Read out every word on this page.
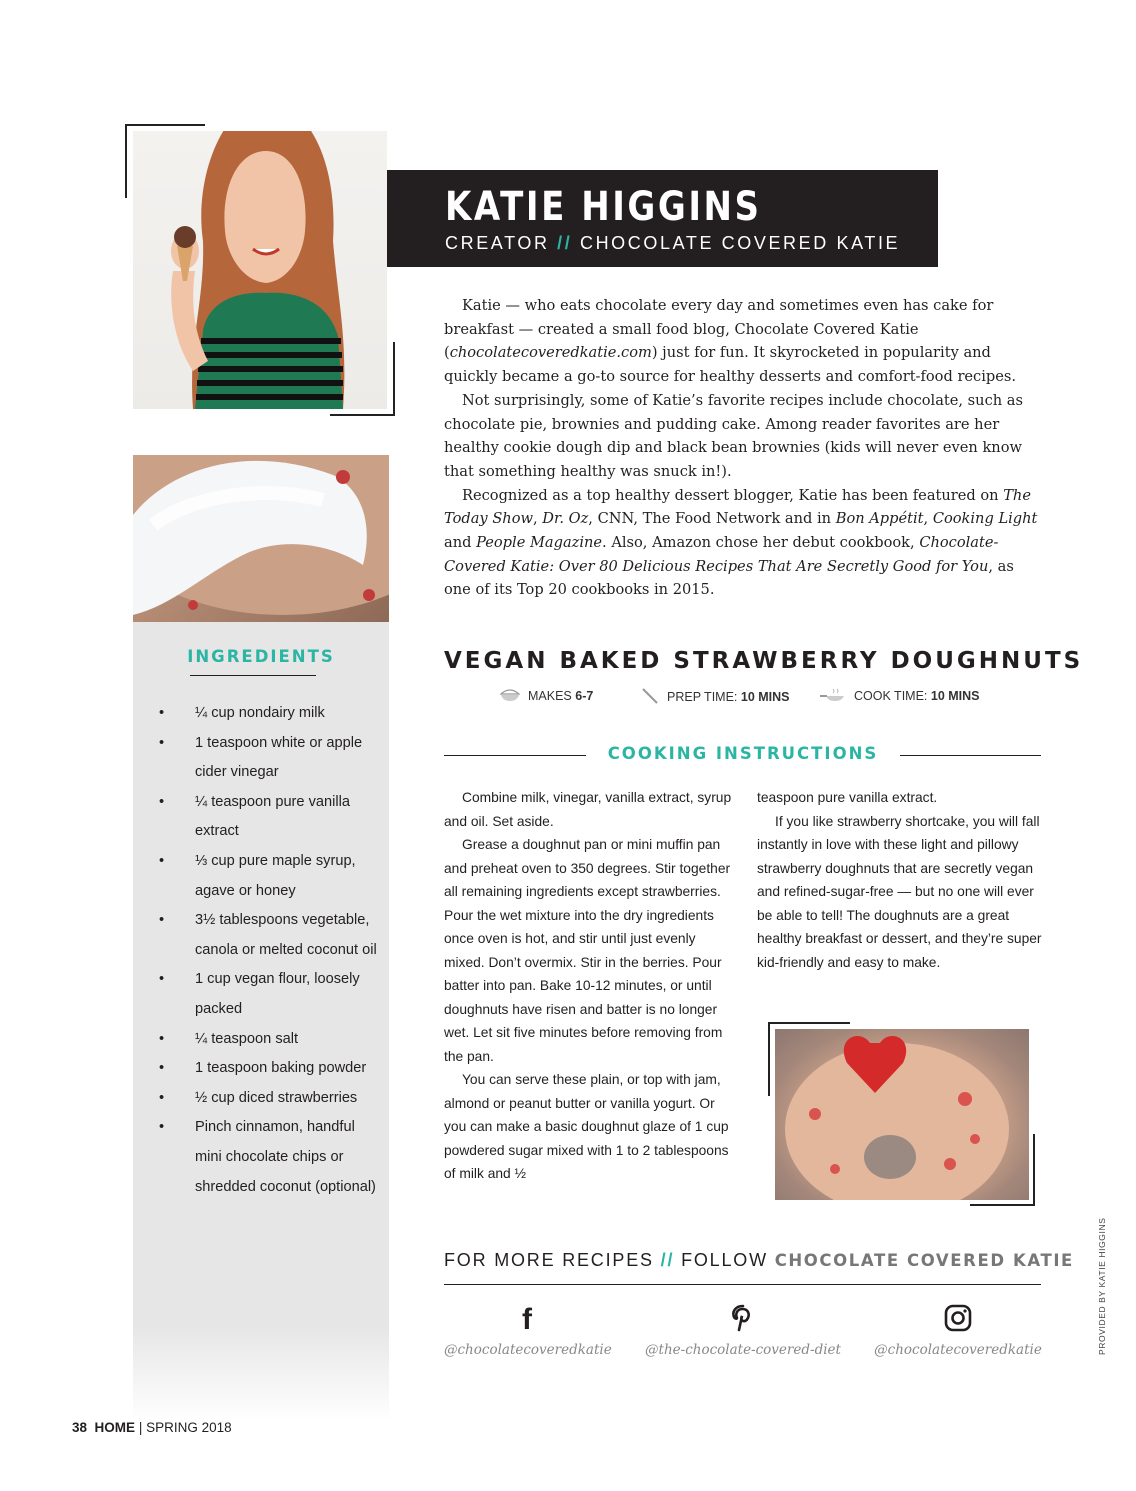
INGREDIENTS
• ¼ cup nondairy milk
• 1 teaspoon white or apple cider vinegar
• ¼ teaspoon pure vanilla extract
• ⅓ cup pure maple syrup, agave or honey
• 3½ tablespoons vegetable, canola or melted coconut oil
• 1 cup vegan flour, loosely packed
• ¼ teaspoon salt
• 1 teaspoon baking powder
• ½ cup diced strawberries
• Pinch cinnamon, handful mini chocolate chips or shredded coconut (optional)
KATIE HIGGINS
CREATOR // CHOCOLATE COVERED KATIE

Katie — who eats chocolate every day and sometimes even has cake for breakfast — created a small food blog, Chocolate Covered Katie (chocolatecoveredkatie.com) just for fun. It skyrocketed in popularity and quickly became a go-to source for healthy desserts and comfort-food recipes.

Not surprisingly, some of Katie’s favorite recipes include chocolate, such as chocolate pie, brownies and pudding cake. Among reader favorites are her healthy cookie dough dip and black bean brownies (kids will never even know that something healthy was snuck in!).

Recognized as a top healthy dessert blogger, Katie has been featured on The Today Show, Dr. Oz, CNN, The Food Network and in Bon Appétit, Cooking Light and People Magazine. Also, Amazon chose her debut cookbook, Chocolate-Covered Katie: Over 80 Delicious Recipes That Are Secretly Good for You, as one of its Top 20 cookbooks in 2015.

VEGAN BAKED STRAWBERRY DOUGHNUTS
MAKES 6-7	PREP TIME: 10 MINS	COOK TIME: 10 MINS
COOKING INSTRUCTIONS

Combine milk, vinegar, vanilla extract, syrup and oil. Set aside.

Grease a doughnut pan or mini muffin pan and preheat oven to 350 degrees. Stir together all remaining ingredients except strawberries. Pour the wet mixture into the dry ingredients once oven is hot, and stir until just evenly mixed. Don’t overmix. Stir in the berries. Pour batter into pan. Bake 10-12 minutes, or until doughnuts have risen and batter is no longer wet. Let sit five minutes before removing from the pan.

You can serve these plain, or top with jam, almond or peanut butter or vanilla yogurt. Or you can make a basic doughnut glaze of 1 cup powdered sugar mixed with 1 to 2 tablespoons of milk and ½

teaspoon pure vanilla extract.

If you like strawberry shortcake, you will fall instantly in love with these light and pillowy strawberry doughnuts that are secretly vegan and refined-sugar-free — but no one will ever be able to tell! The doughnuts are a great healthy breakfast or dessert, and they’re super kid-friendly and easy to make.

FOR MORE RECIPES // FOLLOW CHOCOLATE COVERED KATIE
f
@chocolatecoveredkatie	@the-chocolate-covered-diet	@chocolatecoveredkatie	PROVIDED BY KATIE HIGGINS
38 HOME | SPRING 2018
